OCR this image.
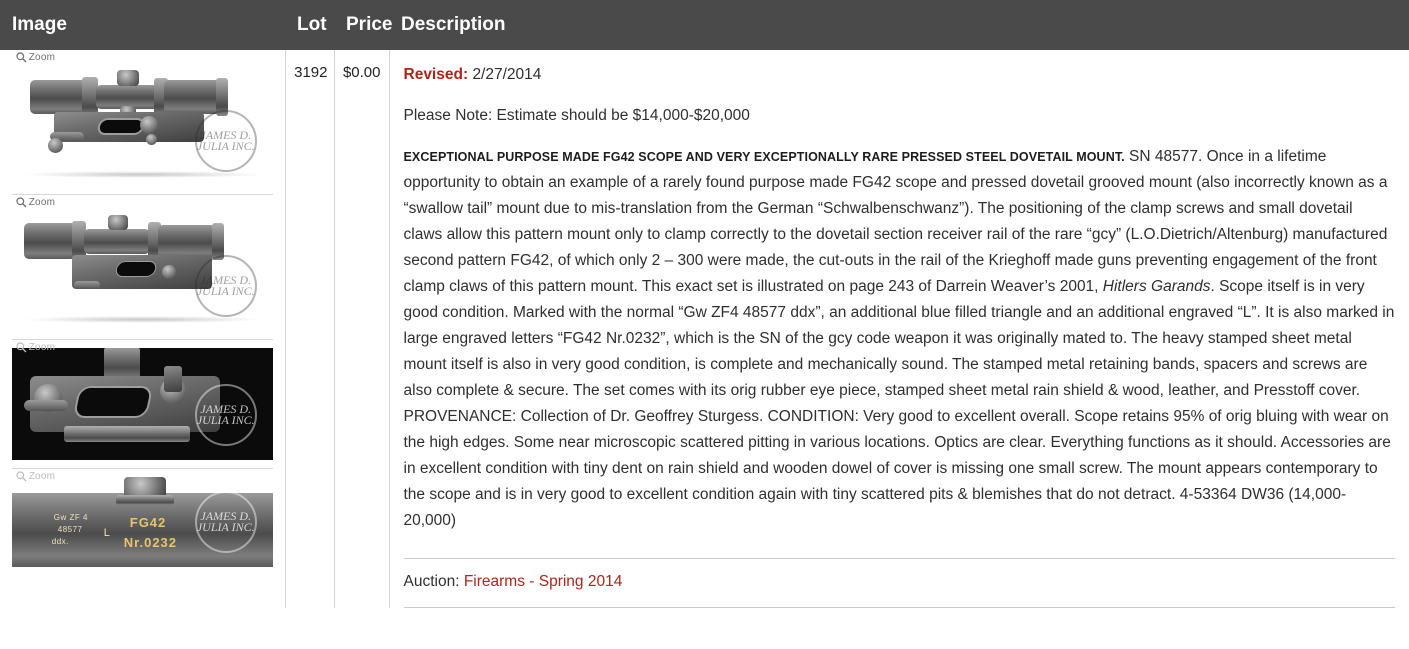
Image	Lot	Price	Description

Zoom
JAMES D. JULIA INC.
Zoom
JAMES D. JULIA INC.
Zoom
JAMES D. JULIA INC.
Zoom
Gw ZF 4
48577
ddx.
L
FG42
Nr.0232
JAMES D. JULIA INC.
	3192	$0.00	Revised: 2/27/2014

Please Note: Estimate should be $14,000-$20,000

EXCEPTIONAL PURPOSE MADE FG42 SCOPE AND VERY EXCEPTIONALLY RARE PRESSED STEEL DOVETAIL MOUNT. SN 48577. Once in a lifetime opportunity to obtain an example of a rarely found purpose made FG42 scope and pressed dovetail grooved mount (also incorrectly known as a “swallow tail” mount due to mis-translation from the German “Schwalbenschwanz”). The positioning of the clamp screws and small dovetail claws allow this pattern mount only to clamp correctly to the dovetail section receiver rail of the rare “gcy” (L.O.Dietrich/Altenburg) manufactured second pattern FG42, of which only 2 – 300 were made, the cut-outs in the rail of the Krieghoff made guns preventing engagement of the front clamp claws of this pattern mount. This exact set is illustrated on page 243 of Darrein Weaver’s 2001, Hitlers Garands. Scope itself is in very good condition. Marked with the normal “Gw ZF4 48577 ddx”, an additional blue filled triangle and an additional engraved “L”. It is also marked in large engraved letters “FG42 Nr.0232”, which is the SN of the gcy code weapon it was originally mated to. The heavy stamped sheet metal mount itself is also in very good condition, is complete and mechanically sound. The stamped metal retaining bands, spacers and screws are also complete & secure. The set comes with its orig rubber eye piece, stamped sheet metal rain shield & wood, leather, and Presstoff cover. PROVENANCE: Collection of Dr. Geoffrey Sturgess. CONDITION: Very good to excellent overall. Scope retains 95% of orig bluing with wear on the high edges. Some near microscopic scattered pitting in various locations. Optics are clear. Everything functions as it should. Accessories are in excellent condition with tiny dent on rain shield and wooden dowel of cover is missing one small screw. The mount appears contemporary to the scope and is in very good to excellent condition again with tiny scattered pits & blemishes that do not detract. 4-53364 DW36 (14,000-20,000)

Auction: Firearms - Spring 2014
